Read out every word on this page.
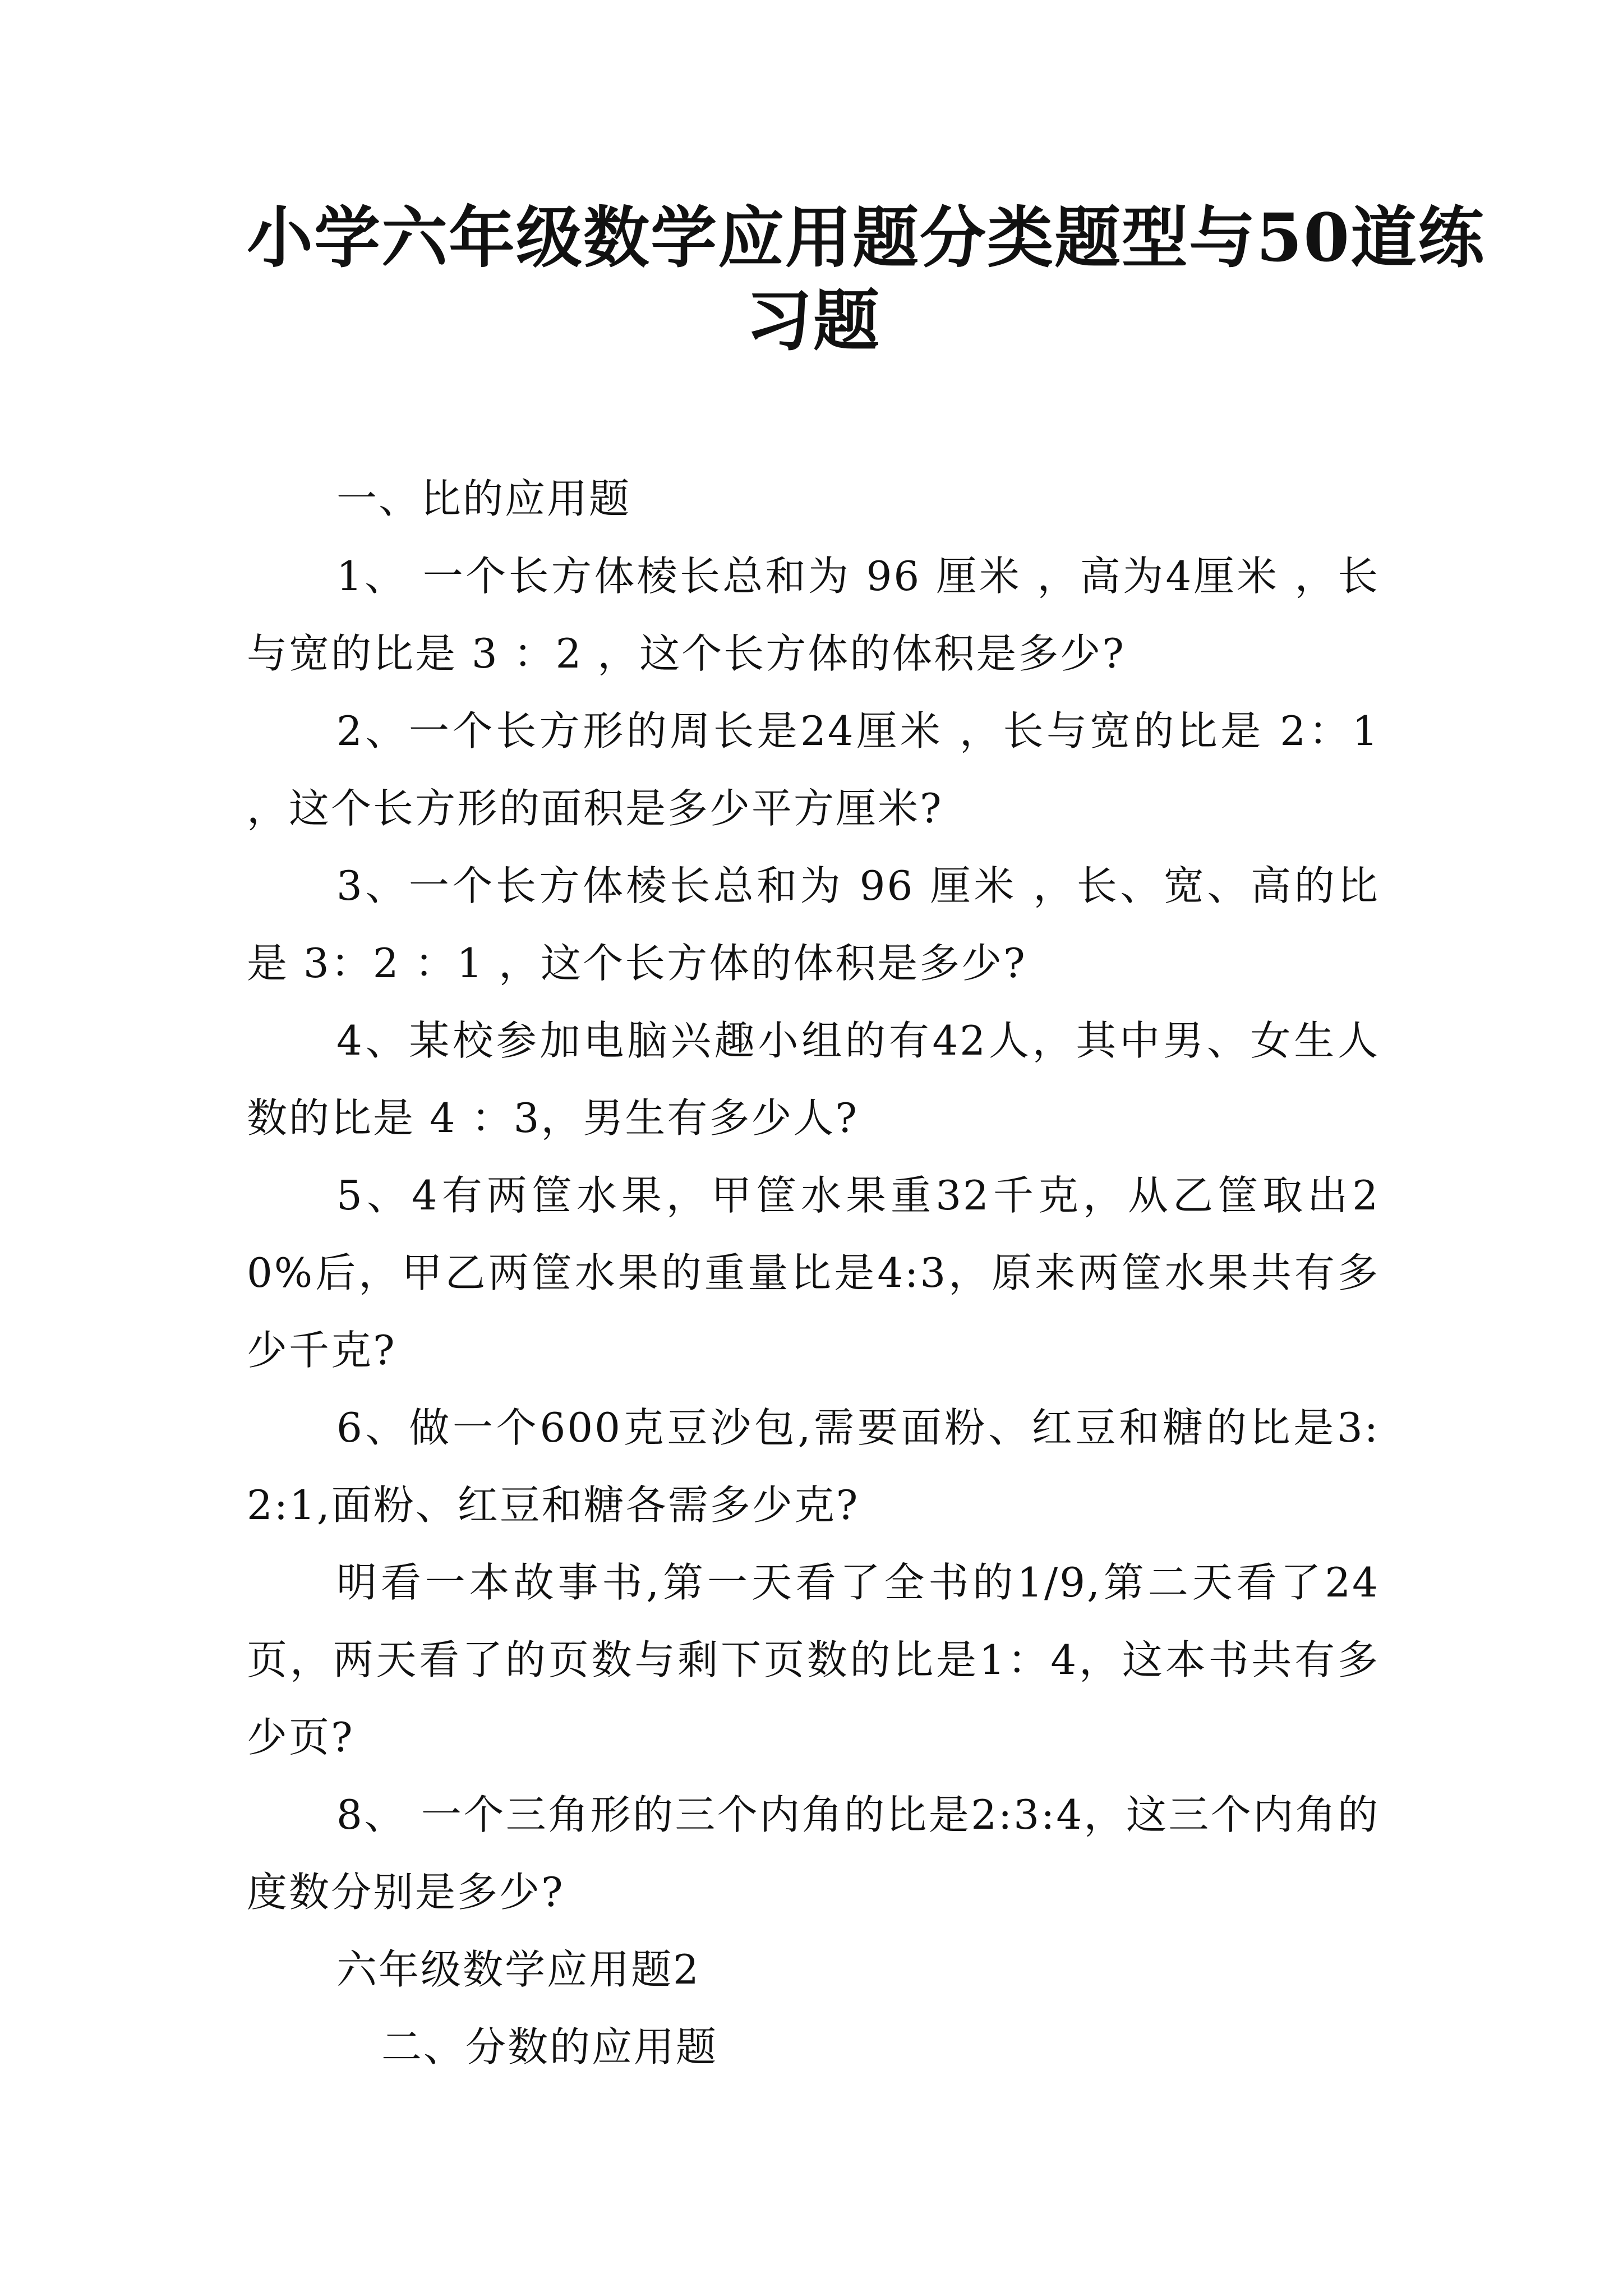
小学六年级数学应用题分类题型与50道练
习题

一、比的应用题

1、 一个长方体棱长总和为 96 厘米 ，高为4厘米 ，长与宽的比是 3 ：2 ，这个长方体的体积是多少?

2、一个长方形的周长是24厘米 ，长与宽的比是 2：1 ，这个长方形的面积是多少平方厘米?

3、一个长方体棱长总和为 96 厘米 ，长、宽、高的比是 3：2 ：1 ，这个长方体的体积是多少?

4、某校参加电脑兴趣小组的有42人，其中男、女生人数的比是 4 ：3，男生有多少人?

5、4有两筐水果，甲筐水果重32千克，从乙筐取出20%后，甲乙两筐水果的重量比是4:3，原来两筐水果共有多少千克?

6、做一个600克豆沙包,需要面粉、红豆和糖的比是3:2:1,面粉、红豆和糖各需多少克?

明看一本故事书,第一天看了全书的1/9,第二天看了24页，两天看了的页数与剩下页数的比是1：4，这本书共有多少页?

8、 一个三角形的三个内角的比是2:3:4，这三个内角的度数分别是多少?

六年级数学应用题2

二、分数的应用题
